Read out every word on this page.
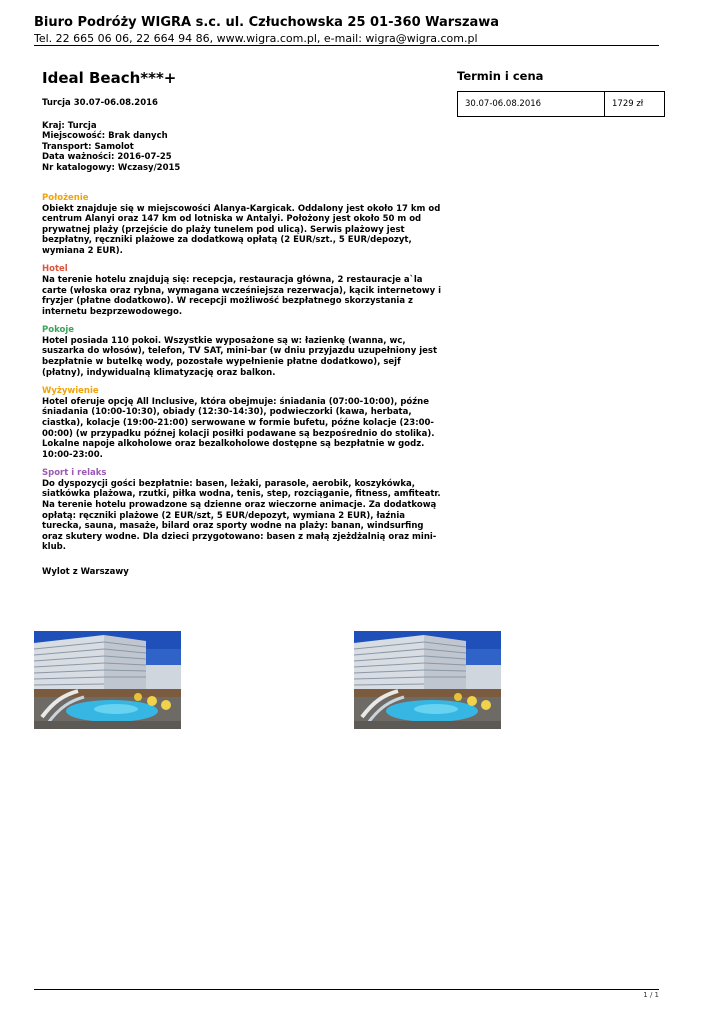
Biuro Podróży WIGRA s.c. ul. Człuchowska 25 01-360 Warszawa
Tel. 22 665 06 06, 22 664 94 86, www.wigra.com.pl, e-mail: wigra@wigra.com.pl
Ideal Beach***+
Turcja 30.07-06.08.2016
Kraj: Turcja
Miejscowość: Brak danych
Transport: Samolot
Data ważności: 2016-07-25
Nr katalogowy: Wczasy/2015
Położenie
Obiekt znajduje się w miejscowości Alanya-Kargicak. Oddalony jest około 17 km od centrum Alanyi oraz 147 km od lotniska w Antalyi. Położony jest około 50 m od prywatnej plaży (przejście do plaży tunelem pod ulicą). Serwis plażowy jest bezpłatny, ręczniki plażowe za dodatkową opłatą (2 EUR/szt., 5 EUR/depozyt, wymiana 2 EUR).
Hotel
Na terenie hotelu znajdują się: recepcja, restauracja główna, 2 restauracje a`la carte (włoska oraz rybna, wymagana wcześniejsza rezerwacja), kącik internetowy i fryzjer (płatne dodatkowo). W recepcji możliwość bezpłatnego skorzystania z internetu bezprzewodowego.
Pokoje
Hotel posiada 110 pokoi. Wszystkie wyposażone są w: łazienkę (wanna, wc, suszarka do włosów), telefon, TV SAT, mini-bar (w dniu przyjazdu uzupełniony jest bezpłatnie w butelkę wody, pozostałe wypełnienie płatne dodatkowo), sejf (płatny), indywidualną klimatyzację oraz balkon.
Wyżywienie
Hotel oferuje opcję All Inclusive, która obejmuje: śniadania (07:00-10:00), późne śniadania (10:00-10:30), obiady (12:30-14:30), podwieczorki (kawa, herbata, ciastka), kolacje (19:00-21:00) serwowane w formie bufetu, późne kolacje (23:00-00:00) (w przypadku późnej kolacji posiłki podawane są bezpośrednio do stolika). Lokalne napoje alkoholowe oraz bezalkoholowe dostępne są bezpłatnie w godz. 10:00-23:00.
Sport i relaks
Do dyspozycji gości bezpłatnie: basen, leżaki, parasole, aerobik, koszykówka, siatkówka plażowa, rzutki, piłka wodna, tenis, step, rozciąganie, fitness, amfiteatr. Na terenie hotelu prowadzone są dzienne oraz wieczorne animacje. Za dodatkową opłatą: ręczniki plażowe (2 EUR/szt, 5 EUR/depozyt, wymiana 2 EUR), łaźnia turecka, sauna, masaże, bilard oraz sporty wodne na plaży: banan, windsurfing oraz skutery wodne. Dla dzieci przygotowano: basen z małą zjeżdżalnią oraz mini-klub.
Wylot z Warszawy
Termin i cena
30.07-06.08.2016	1729 zł
1 / 1
